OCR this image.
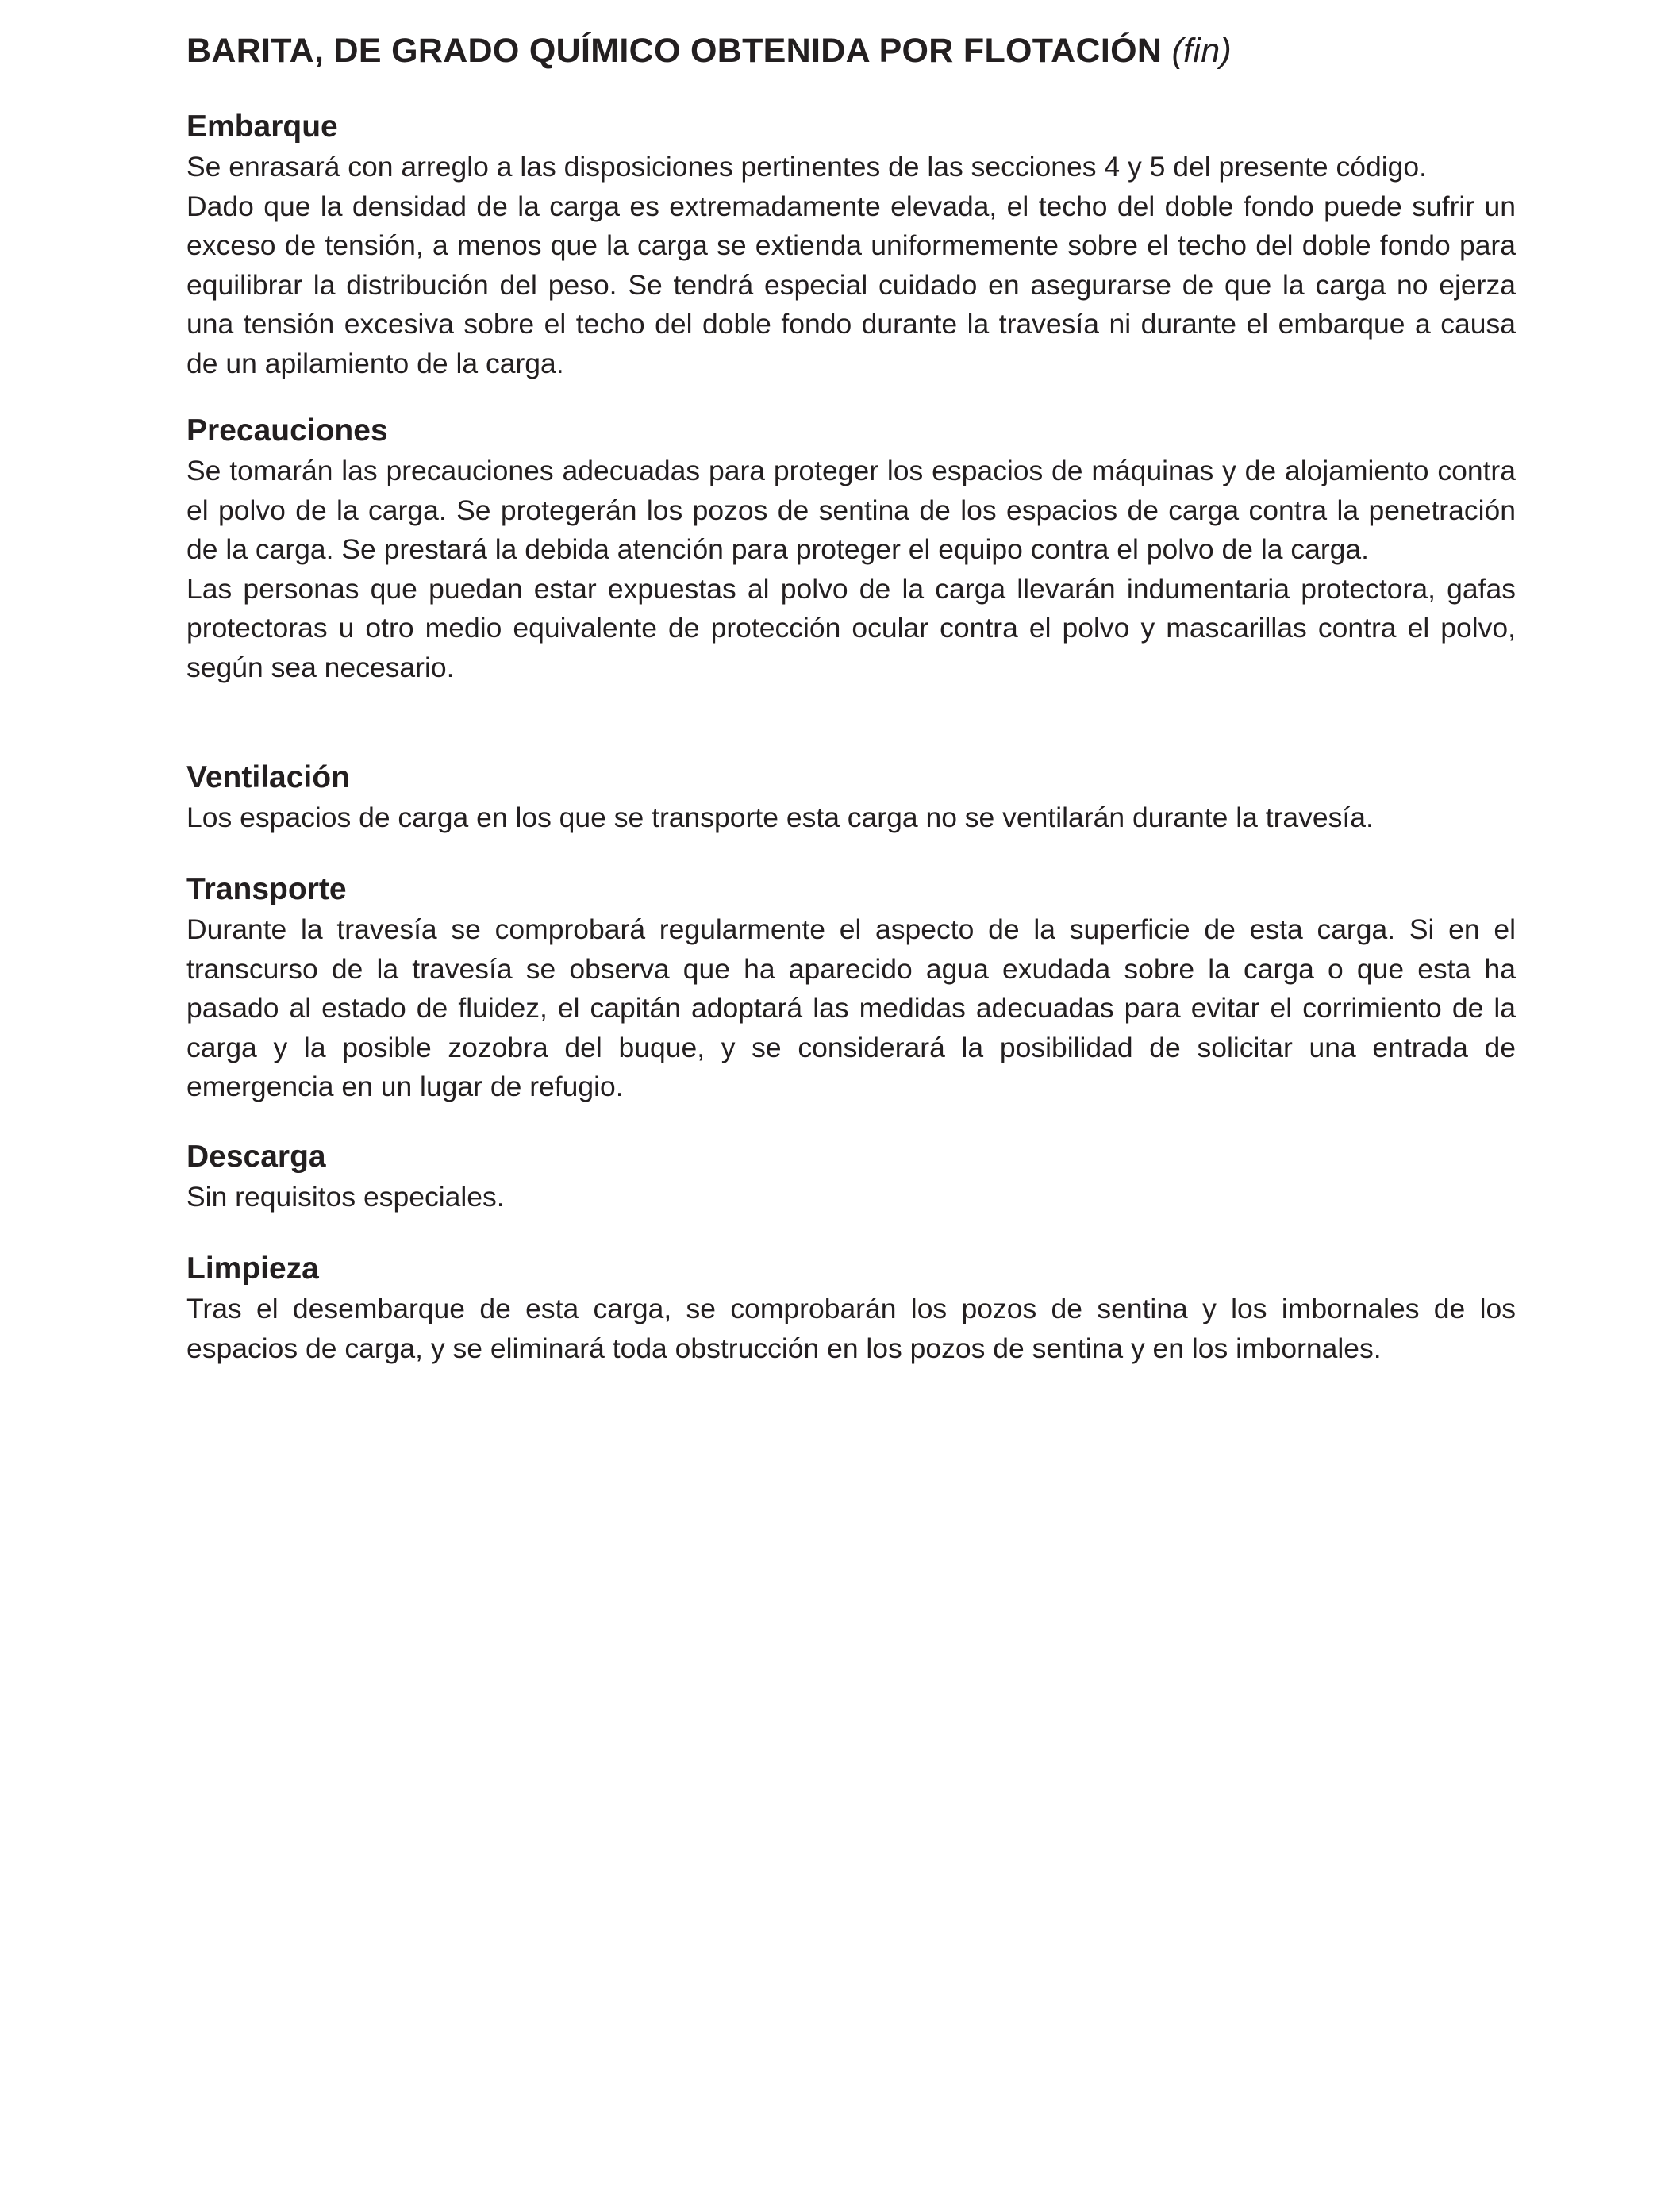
BARITA, DE GRADO QUÍMICO OBTENIDA POR FLOTACIÓN (fin)
Embarque

Se enrasará con arreglo a las disposiciones pertinentes de las secciones 4 y 5 del presente código.

Dado que la densidad de la carga es extremadamente elevada, el techo del doble fondo puede sufrir un exceso de tensión, a menos que la carga se extienda uniformemente sobre el techo del doble fondo para equilibrar la distribución del peso. Se tendrá especial cuidado en asegurarse de que la carga no ejerza una tensión excesiva sobre el techo del doble fondo durante la travesía ni durante el embarque a causa de un apilamiento de la carga.

Precauciones

Se tomarán las precauciones adecuadas para proteger los espacios de máquinas y de alojamiento contra el polvo de la carga. Se protegerán los pozos de sentina de los espacios de carga contra la penetración de la carga. Se prestará la debida atención para proteger el equipo contra el polvo de la carga.

Las personas que puedan estar expuestas al polvo de la carga llevarán indumentaria protectora, gafas protectoras u otro medio equivalente de protección ocular contra el polvo y mascarillas contra el polvo, según sea necesario.

Ventilación

Los espacios de carga en los que se transporte esta carga no se ventilarán durante la travesía.

Transporte

Durante la travesía se comprobará regularmente el aspecto de la superficie de esta carga. Si en el transcurso de la travesía se observa que ha aparecido agua exudada sobre la carga o que esta ha pasado al estado de fluidez, el capitán adoptará las medidas adecuadas para evitar el corrimiento de la carga y la posible zozobra del buque, y se considerará la posibilidad de solicitar una entrada de emergencia en un lugar de refugio.

Descarga

Sin requisitos especiales.

Limpieza

Tras el desembarque de esta carga, se comprobarán los pozos de sentina y los imbornales de los espacios de carga, y se eliminará toda obstrucción en los pozos de sentina y en los imbornales.
